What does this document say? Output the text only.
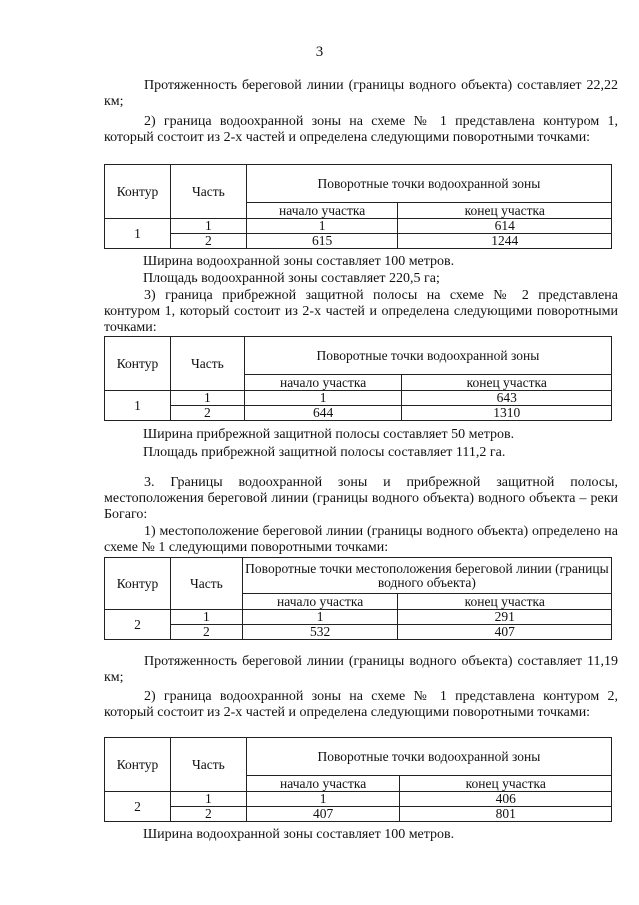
3
Протяженность береговой линии (границы водного объекта) составляет 22,22 км;
2) граница водоохранной зоны на схеме № 1 представлена контуром 1, который состоит из 2-х частей и определена следующими поворотными точками:
Контур	Часть	Поворотные точки водоохранной зоны	
		начало участка	конец участка
1	1	1	614
	2	615	1244
Ширина водоохранной зоны составляет 100 метров.
Площадь водоохранной зоны составляет 220,5 га;
3) граница прибрежной защитной полосы на схеме № 2 представлена контуром 1, который состоит из 2-х частей и определена следующими поворотными точками:
Контур	Часть	Поворотные точки водоохранной зоны	
		начало участка	конец участка
1	1	1	643
	2	644	1310
Ширина прибрежной защитной полосы составляет 50 метров.
Площадь прибрежной защитной полосы составляет 111,2 га.
3. Границы водоохранной зоны и прибрежной защитной полосы, местоположения береговой линии (границы водного объекта) водного объекта – реки Богаго:
1) местоположение береговой линии (границы водного объекта) определено на схеме № 1 следующими поворотными точками:
Контур	Часть	Поворотные точки местоположения береговой линии (границы водного объекта)	
		начало участка	конец участка
2	1	1	291
	2	532	407
Протяженность береговой линии (границы водного объекта) составляет 11,19 км;
2) граница водоохранной зоны на схеме № 1 представлена контуром 2, который состоит из 2-х частей и определена следующими поворотными точками:
Контур	Часть	Поворотные точки водоохранной зоны	
		начало участка	конец участка
2	1	1	406
	2	407	801
Ширина водоохранной зоны составляет 100 метров.
